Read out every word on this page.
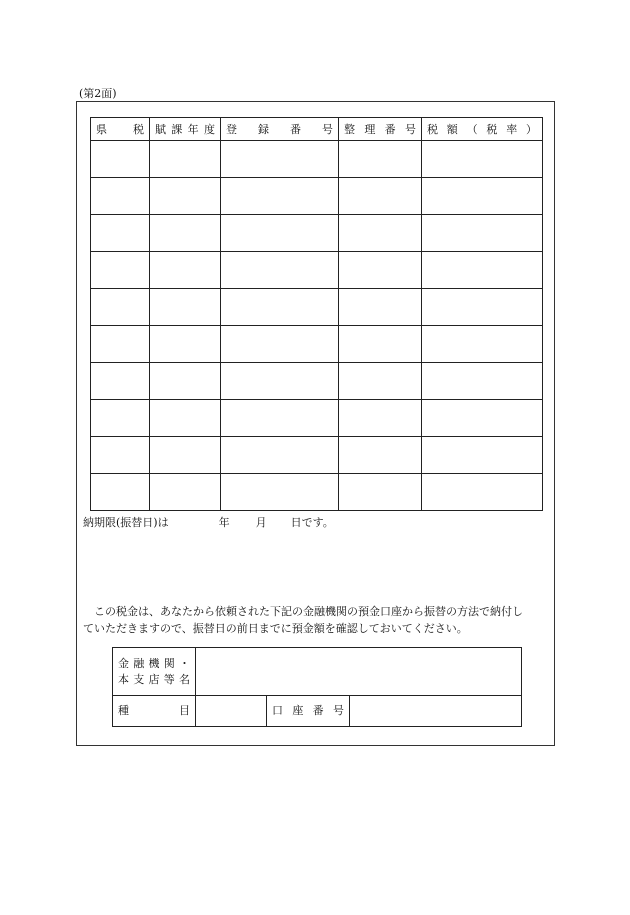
(第2面)
県　　税	賦課年度	登　録　番　号	整理番号	税額（税率）

納期限(振替日)は	年 月 日です。
　この税金は、あなたから依頼された下記の金融機関の預金口座から振替の方法で納付し
ていただきますので、振替日の前日までに預金額を確認しておいてください。
金融機関・
本支店等名			

種　　目		口座番号	
